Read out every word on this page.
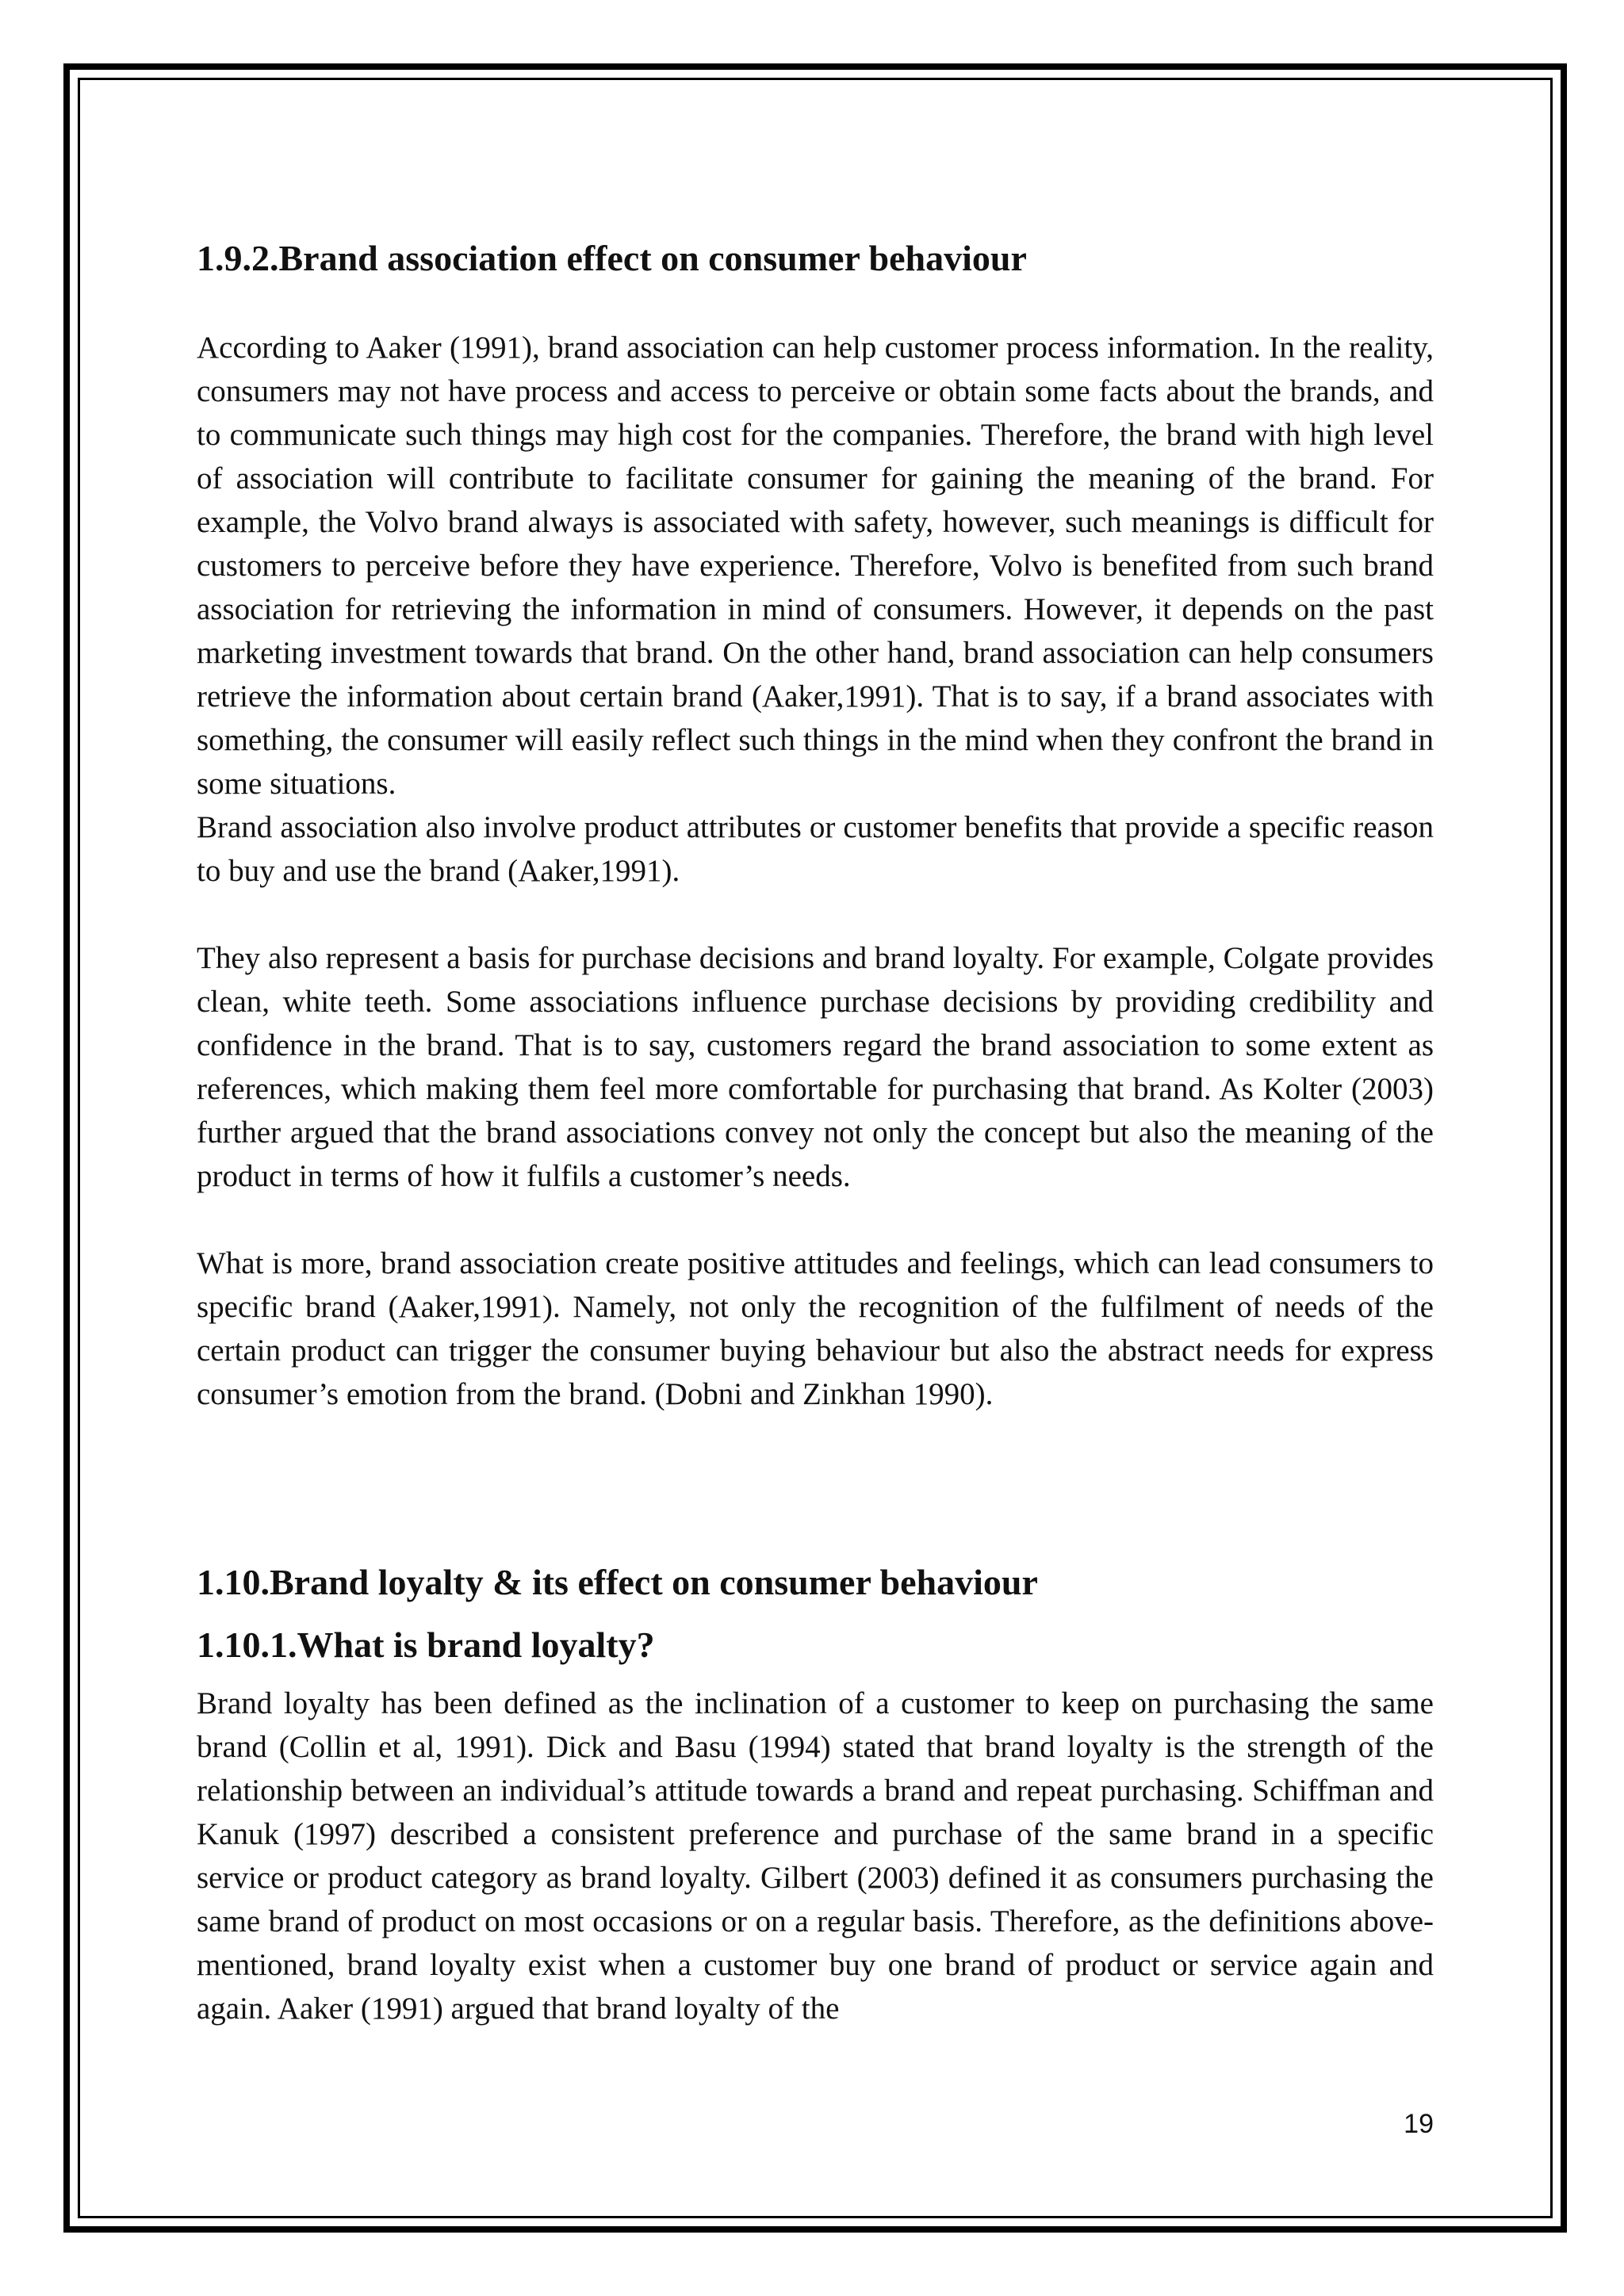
1.9.2.Brand association effect on consumer behaviour

According to Aaker (1991), brand association can help customer process information. In the reality, consumers may not have process and access to perceive or obtain some facts about the brands, and to communicate such things may high cost for the companies. Therefore, the brand with high level of association will contribute to facilitate consumer for gaining the meaning of the brand. For example, the Volvo brand always is associated with safety, however, such meanings is difficult for customers to perceive before they have experience. Therefore, Volvo is benefited from such brand association for retrieving the information in mind of consumers. However, it depends on the past marketing investment towards that brand. On the other hand, brand association can help consumers retrieve the information about certain brand (Aaker,1991). That is to say, if a brand associates with something, the consumer will easily reflect such things in the mind when they confront the brand in some situations.

Brand association also involve product attributes or customer benefits that provide a specific reason to buy and use the brand (Aaker,1991).

They also represent a basis for purchase decisions and brand loyalty. For example, Colgate provides clean, white teeth. Some associations influence purchase decisions by providing credibility and confidence in the brand. That is to say, customers regard the brand association to some extent as references, which making them feel more comfortable for purchasing that brand. As Kolter (2003) further argued that the brand associations convey not only the concept but also the meaning of the product in terms of how it fulfils a customer’s needs.

What is more, brand association create positive attitudes and feelings, which can lead consumers to specific brand (Aaker,1991). Namely, not only the recognition of the fulfilment of needs of the certain product can trigger the consumer buying behaviour but also the abstract needs for express consumer’s emotion from the brand. (Dobni and Zinkhan 1990).

1.10.Brand loyalty & its effect on consumer behaviour
1.10.1.What is brand loyalty?

Brand loyalty has been defined as the inclination of a customer to keep on purchasing the same brand (Collin et al, 1991). Dick and Basu (1994) stated that brand loyalty is the strength of the relationship between an individual’s attitude towards a brand and repeat purchasing. Schiffman and Kanuk (1997) described a consistent preference and purchase of the same brand in a specific service or product category as brand loyalty. Gilbert (2003) defined it as consumers purchasing the same brand of product on most occasions or on a regular basis. Therefore, as the definitions above-mentioned, brand loyalty exist when a customer buy one brand of product or service again and again. Aaker (1991) argued that brand loyalty of the

19
